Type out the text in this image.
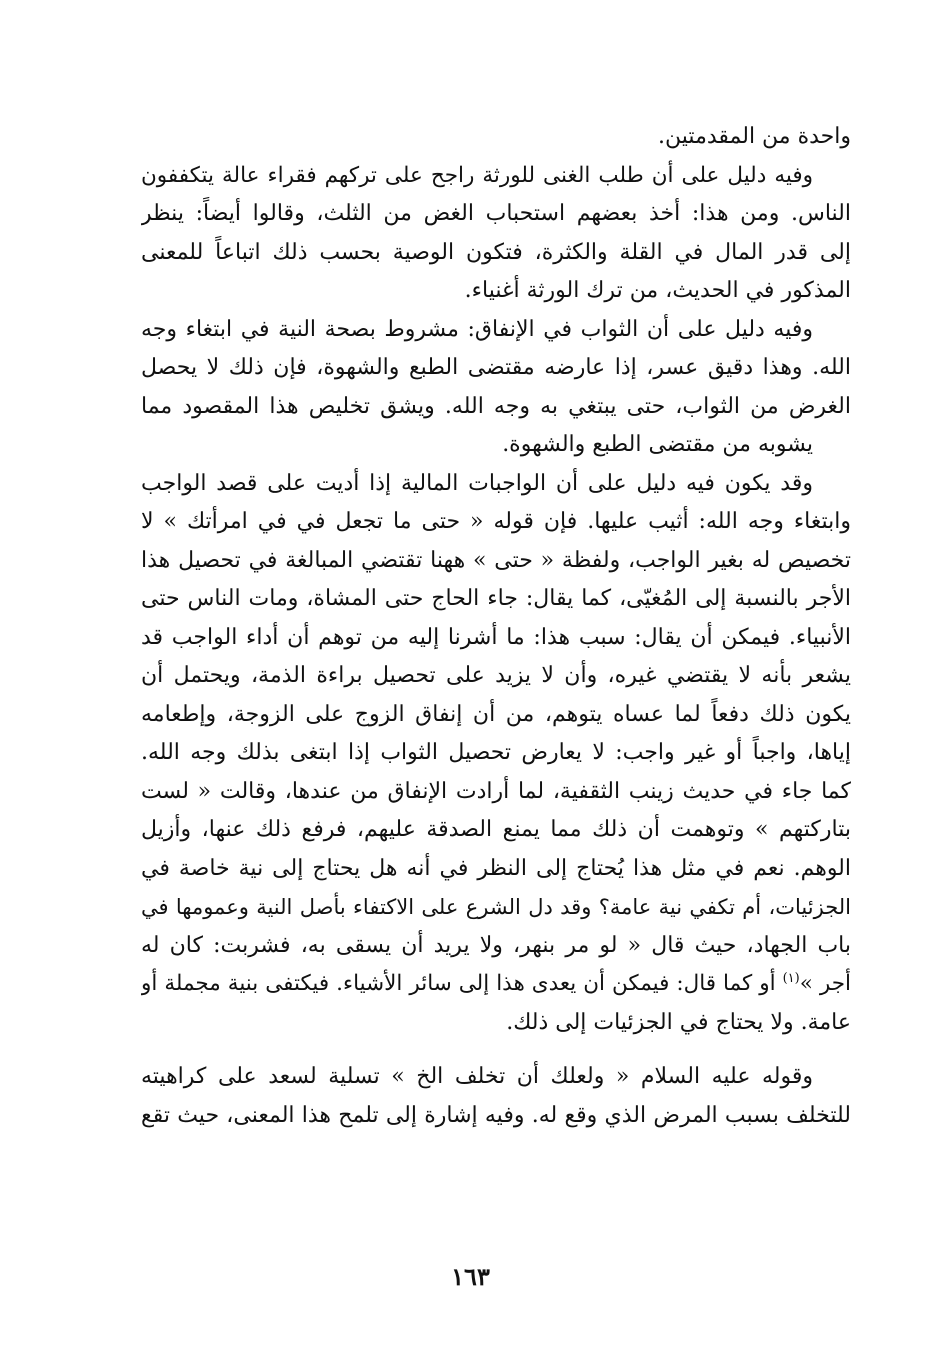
واحدة من المقدمتين.
وفيه دليل على أن طلب الغنى للورثة راجح على تركهم فقراء عالة يتكففون
الناس. ومن هذا: أخذ بعضهم استحباب الغض من الثلث، وقالوا أيضاً: ينظر
إلى قدر المال في القلة والكثرة، فتكون الوصية بحسب ذلك اتباعاً للمعنى
المذكور في الحديث، من ترك الورثة أغنياء.
وفيه دليل على أن الثواب في الإنفاق: مشروط بصحة النية في ابتغاء وجه
الله. وهذا دقيق عسر، إذا عارضه مقتضى الطبع والشهوة، فإن ذلك لا يحصل
الغرض من الثواب، حتى يبتغي به وجه الله. ويشق تخليص هذا المقصود مما
يشوبه من مقتضى الطبع والشهوة.
وقد يكون فيه دليل على أن الواجبات المالية إذا أديت على قصد الواجب
وابتغاء وجه الله: أثيب عليها. فإن قوله « حتى ما تجعل في في امرأتك » لا
تخصيص له بغير الواجب، ولفظة « حتى » ههنا تقتضي المبالغة في تحصيل هذا
الأجر بالنسبة إلى المُغيّى، كما يقال: جاء الحاج حتى المشاة، ومات الناس حتى
الأنبياء. فيمكن أن يقال: سبب هذا: ما أشرنا إليه من توهم أن أداء الواجب قد
يشعر بأنه لا يقتضي غيره، وأن لا يزيد على تحصيل براءة الذمة، ويحتمل أن
يكون ذلك دفعاً لما عساه يتوهم، من أن إنفاق الزوج على الزوجة، وإطعامه
إياها، واجباً أو غير واجب: لا يعارض تحصيل الثواب إذا ابتغى بذلك وجه الله.
كما جاء في حديث زينب الثقفية، لما أرادت الإنفاق من عندها، وقالت « لست
بتاركتهم » وتوهمت أن ذلك مما يمنع الصدقة عليهم، فرفع ذلك عنها، وأزيل
الوهم. نعم في مثل هذا يُحتاج إلى النظر في أنه هل يحتاج إلى نية خاصة في
الجزئيات، أم تكفي نية عامة؟ وقد دل الشرع على الاكتفاء بأصل النية وعمومها في
باب الجهاد، حيث قال « لو مر بنهر، ولا يريد أن يسقى به، فشربت: كان له
أجر »$^{(١)}$ أو كما قال: فيمكن أن يعدى هذا إلى سائر الأشياء. فيكتفى بنية مجملة أو
عامة. ولا يحتاج في الجزئيات إلى ذلك.
وقوله عليه السلام « ولعلك أن تخلف الخ » تسلية لسعد على كراهيته
للتخلف بسبب المرض الذي وقع له. وفيه إشارة إلى تلمح هذا المعنى، حيث تقع
١٦٣
